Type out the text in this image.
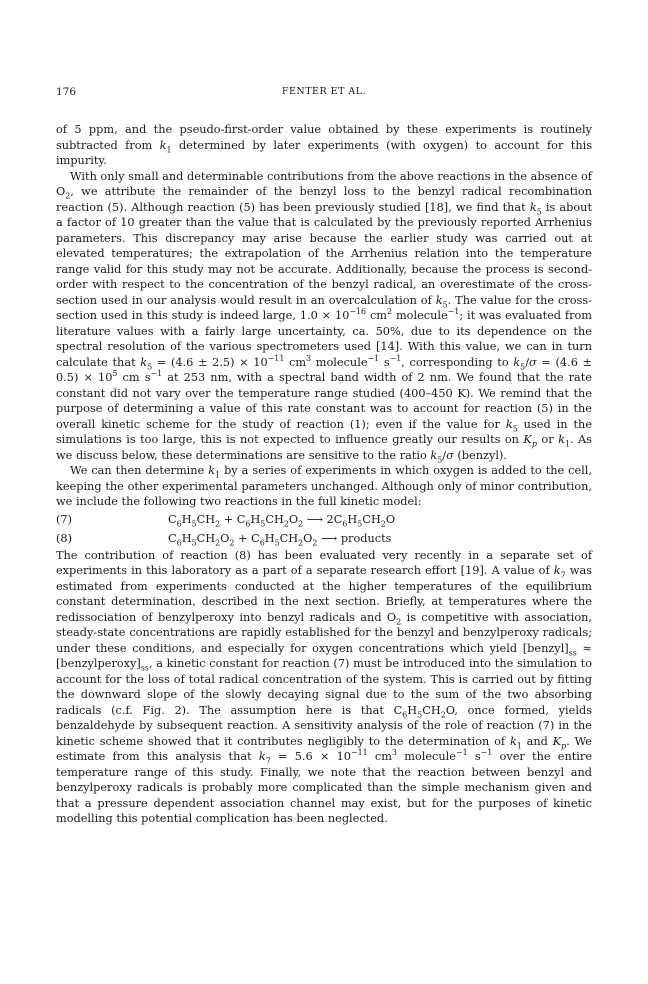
176	FENTER ET AL.

of 5 ppm, and the pseudo-first-order value obtained by these experiments is routinely subtracted from $k_1$ determined by later experiments (with oxygen) to account for this impurity.

With only small and determinable contributions from the above reactions in the absence of $O_2$, we attribute the remainder of the benzyl loss to the benzyl radical recombination reaction (5). Although reaction (5) has been previously studied [18], we find that $k_5$ is about a factor of 10 greater than the value that is calculated by the previously reported Arrhenius parameters. This discrepancy may arise because the earlier study was carried out at elevated temperatures; the extrapolation of the Arrhenius relation into the temperature range valid for this study may not be accurate. Additionally, because the process is second-order with respect to the concentration of the benzyl radical, an overestimate of the cross-section used in our analysis would result in an overcalculation of $k_5$. The value for the cross-section used in this study is indeed large, $1.0 \times 10^{-16}$ $cm^2$ molecule$^{-1}$; it was evaluated from literature values with a fairly large uncertainty, ca. 50%, due to its dependence on the spectral resolution of the various spectrometers used [14]. With this value, we can in turn calculate that $k_5 = (4.6 \pm 2.5) \times 10^{-11}$ $cm^3$ molecule$^{-1}$ $s^{-1}$, corresponding to $k_5/\sigma = (4.6 \pm 0.5) \times 10^5$ cm $s^{-1}$ at 253 nm, with a spectral band width of 2 nm. We found that the rate constant did not vary over the temperature range studied (400–450 K). We remind that the purpose of determining a value of this rate constant was to account for reaction (5) in the overall kinetic scheme for the study of reaction (1); even if the value for $k_5$ used in the simulations is too large, this is not expected to influence greatly our results on $K_p$ or $k_1$. As we discuss below, these determinations are sensitive to the ratio $k_5/\sigma$ (benzyl).

We can then determine $k_1$ by a series of experiments in which oxygen is added to the cell, keeping the other experimental parameters unchanged. Although only of minor contribution, we include the following two reactions in the full kinetic model:

(7)	$C_6H_5CH_2 + C_6H_5CH_2O_2$ ⟶ $2C_6H_5CH_2O$
(8)	$C_6H_5CH_2O_2 + C_6H_5CH_2O_2$ ⟶ products

The contribution of reaction (8) has been evaluated very recently in a separate set of experiments in this laboratory as a part of a separate research effort [19]. A value of $k_7$ was estimated from experiments conducted at the higher temperatures of the equilibrium constant determination, described in the next section. Briefly, at temperatures where the redissociation of benzylperoxy into benzyl radicals and $O_2$ is competitive with association, steady-state concentrations are rapidly established for the benzyl and benzylperoxy radicals; under these conditions, and especially for oxygen concentrations which yield $[benzyl]_{ss}$ ≈ $[benzylperoxy]_{ss}$, a kinetic constant for reaction (7) must be introduced into the simulation to account for the loss of total radical concentration of the system. This is carried out by fitting the downward slope of the slowly decaying signal due to the sum of the two absorbing radicals (c.f. Fig. 2). The assumption here is that $C_6H_5CH_2O$, once formed, yields benzaldehyde by subsequent reaction. A sensitivity analysis of the role of reaction (7) in the kinetic scheme showed that it contributes negligibly to the determination of $k_1$ and $K_p$. We estimate from this analysis that $k_7 = 5.6 \times 10^{-11}$ $cm^3$ molecule$^{-1}$ $s^{-1}$ over the entire temperature range of this study. Finally, we note that the reaction between benzyl and benzylperoxy radicals is probably more complicated than the simple mechanism given and that a pressure dependent association channel may exist, but for the purposes of kinetic modelling this potential complication has been neglected.
